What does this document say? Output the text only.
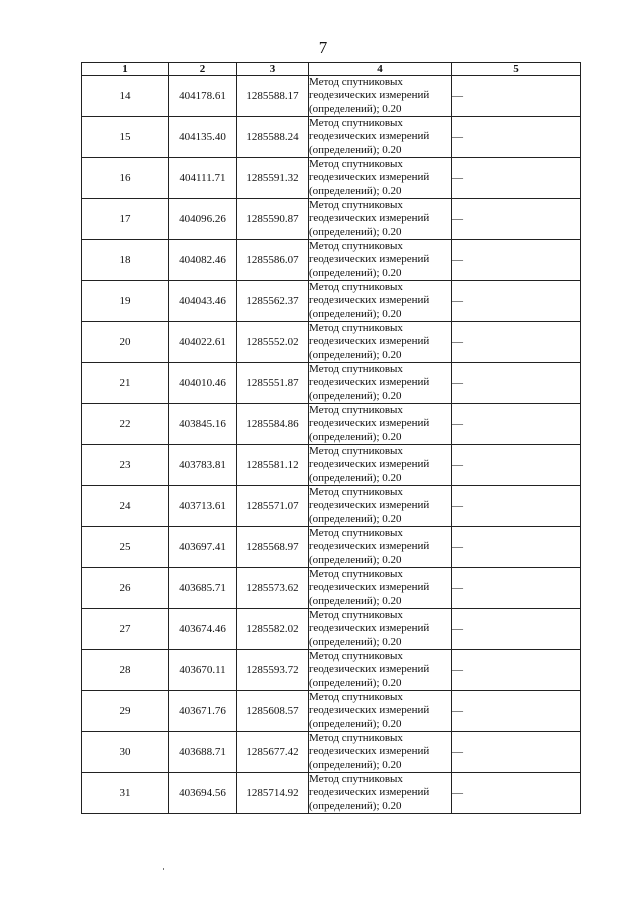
7
1	2	3	4	5
14	404178.61	1285588.17	Метод спутниковых
геодезических измерений
(определений); 0.20	—
15	404135.40	1285588.24	Метод спутниковых
геодезических измерений
(определений); 0.20	—
16	404111.71	1285591.32	Метод спутниковых
геодезических измерений
(определений); 0.20	—
17	404096.26	1285590.87	Метод спутниковых
геодезических измерений
(определений); 0.20	—
18	404082.46	1285586.07	Метод спутниковых
геодезических измерений
(определений); 0.20	—
19	404043.46	1285562.37	Метод спутниковых
геодезических измерений
(определений); 0.20	—
20	404022.61	1285552.02	Метод спутниковых
геодезических измерений
(определений); 0.20	—
21	404010.46	1285551.87	Метод спутниковых
геодезических измерений
(определений); 0.20	—
22	403845.16	1285584.86	Метод спутниковых
геодезических измерений
(определений); 0.20	—
23	403783.81	1285581.12	Метод спутниковых
геодезических измерений
(определений); 0.20	—
24	403713.61	1285571.07	Метод спутниковых
геодезических измерений
(определений); 0.20	—
25	403697.41	1285568.97	Метод спутниковых
геодезических измерений
(определений); 0.20	—
26	403685.71	1285573.62	Метод спутниковых
геодезических измерений
(определений); 0.20	—
27	403674.46	1285582.02	Метод спутниковых
геодезических измерений
(определений); 0.20	—
28	403670.11	1285593.72	Метод спутниковых
геодезических измерений
(определений); 0.20	—
29	403671.76	1285608.57	Метод спутниковых
геодезических измерений
(определений); 0.20	—
30	403688.71	1285677.42	Метод спутниковых
геодезических измерений
(определений); 0.20	—
31	403694.56	1285714.92	Метод спутниковых
геодезических измерений
(определений); 0.20	—
